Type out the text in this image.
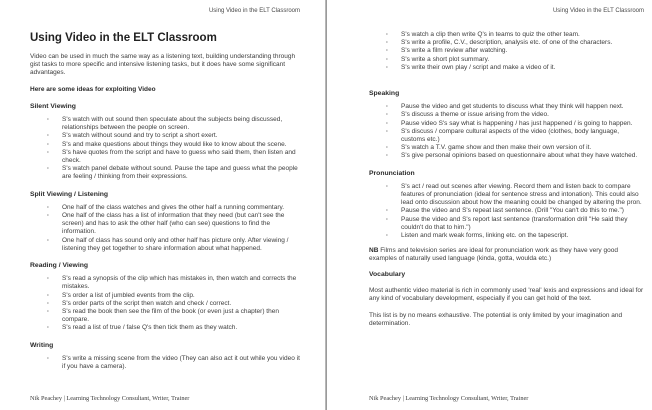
Using Video in the ELT Classroom
Using Video in the ELT Classroom

Video can be used in much the same way as a listening text, building understanding through gist tasks to more specific and intensive listening tasks, but it does have some significant advantages.

Here are some ideas for exploiting Video

Silent Viewing
·
S's watch with out sound then speculate about the subjects being discussed, relationships between the people on screen.
·
S's watch without sound and try to script a short exert.
·
S's and make questions about things they would like to know about the scene.
·
S's have quotes from the script and have to guess who said them, then listen and check.
·
S's watch panel debate without sound. Pause the tape and guess what the people are feeling / thinking from their expressions.
Split Viewing / Listening
·
One half of the class watches and gives the other half a running commentary.
·
One half of the class has a list of information that they need (but can't see the screen) and has to ask the other half (who can see) questions to find the information.
·
One half of class has sound only and other half has picture only. After viewing / listening they get together to share information about what happened.
Reading / Viewing
·
S's read a synopsis of the clip which has mistakes in, then watch and corrects the mistakes.
·
S's order a list of jumbled events from the clip.
·
S's order parts of the script then watch and check / correct.
·
S's read the book then see the film of the book (or even just a chapter) then compare.
·
S's read a list of true / false Q's then tick them as they watch.
Writing
·
S's write a missing scene from the video (They can also act it out while you video it if you have a camera).
Nik Peachey | Learning Technology Consultant, Writer, Trainer
Using Video in the ELT Classroom
·
S's watch a clip then write Q's in teams to quiz the other team.
·
S's write a profile, C.V., description, analysis etc. of one of the characters.
·
S's write a film review after watching.
·
S's write a short plot summary.
·
S's write their own play / script and make a video of it.
Speaking
·
Pause the video and get students to discuss what they think will happen next.
·
S's discuss a theme or issue arising from the video.
·
Pause video S's say what is happening / has just happened / is going to happen.
·
S's discuss / compare cultural aspects of the video (clothes, body language, customs etc.)
·
S's watch a T.V. game show and then make their own version of it.
·
S's give personal opinions based on questionnaire about what they have watched.
Pronunciation
·
S's act / read out scenes after viewing. Record them and listen back to compare features of pronunciation (ideal for sentence stress and intonation). This could also lead onto discussion about how the meaning could be changed by altering the pron.
·
Pause the video and S's repeat last sentence. (Drill "You can't do this to me.")
·
Pause the video and S's report last sentence (transformation drill "He said they couldn't do that to him.")
·
Listen and mark weak forms, linking etc. on the tapescript.

NB Films and television series are ideal for pronunciation work as they have very good examples of naturally used language (kinda, gotta, woulda etc.)

Vocabulary

Most authentic video material is rich in commonly used 'real' lexis and expressions and ideal for any kind of vocabulary development, especially if you can get hold of the text.

This list is by no means exhaustive. The potential is only limited by your imagination and determination.

Nik Peachey | Learning Technology Consultant, Writer, Trainer
